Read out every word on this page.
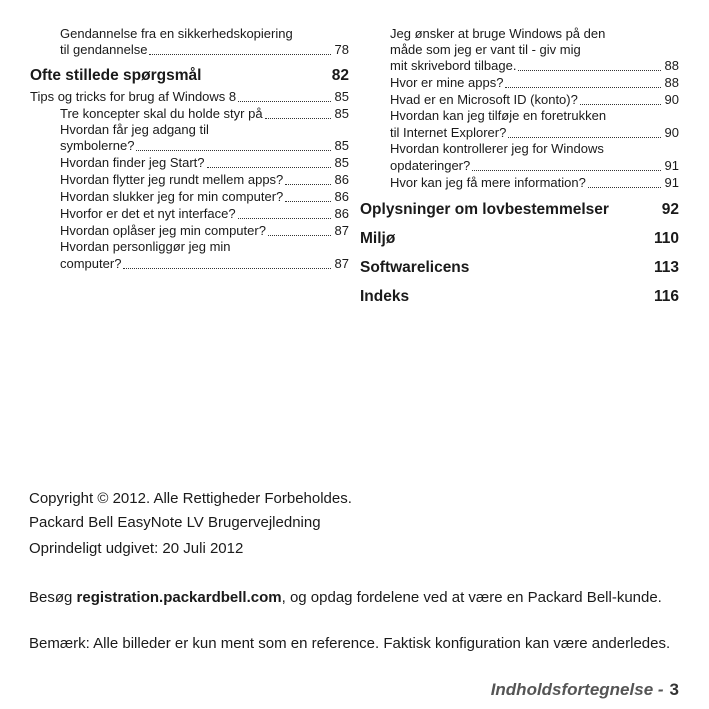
Gendannelse fra en sikkerhedskopiering
til gendannelse	78
Ofte stillede spørgsmål	82
Tips og tricks for brug af Windows 8	85
Tre koncepter skal du holde styr på	85
Hvordan får jeg adgang til
symbolerne?	85
Hvordan finder jeg Start?	85
Hvordan flytter jeg rundt mellem apps?	86
Hvordan slukker jeg for min computer?	86
Hvorfor er det et nyt interface?	86
Hvordan oplåser jeg min computer?	87
Hvordan personliggør jeg min
computer?	87
Jeg ønsker at bruge Windows på den
måde som jeg er vant til - giv mig
mit skrivebord tilbage.	88
Hvor er mine apps?	88
Hvad er en Microsoft ID (konto)?	90
Hvordan kan jeg tilføje en foretrukken
til Internet Explorer?	90
Hvordan kontrollerer jeg for Windows
opdateringer?	91
Hvor kan jeg få mere information?	91
Oplysninger om lovbestemmelser	92
Miljø	110
Softwarelicens	113
Indeks	116

Copyright © 2012. Alle Rettigheder Forbeholdes.

Packard Bell EasyNote LV Brugervejledning

Oprindeligt udgivet: 20 Juli 2012

Besøg registration.packardbell.com, og opdag fordelene ved at være en Packard Bell-kunde.

Bemærk: Alle billeder er kun ment som en reference. Faktisk konfiguration kan være anderledes.

Indholdsfortegnelse - 3
